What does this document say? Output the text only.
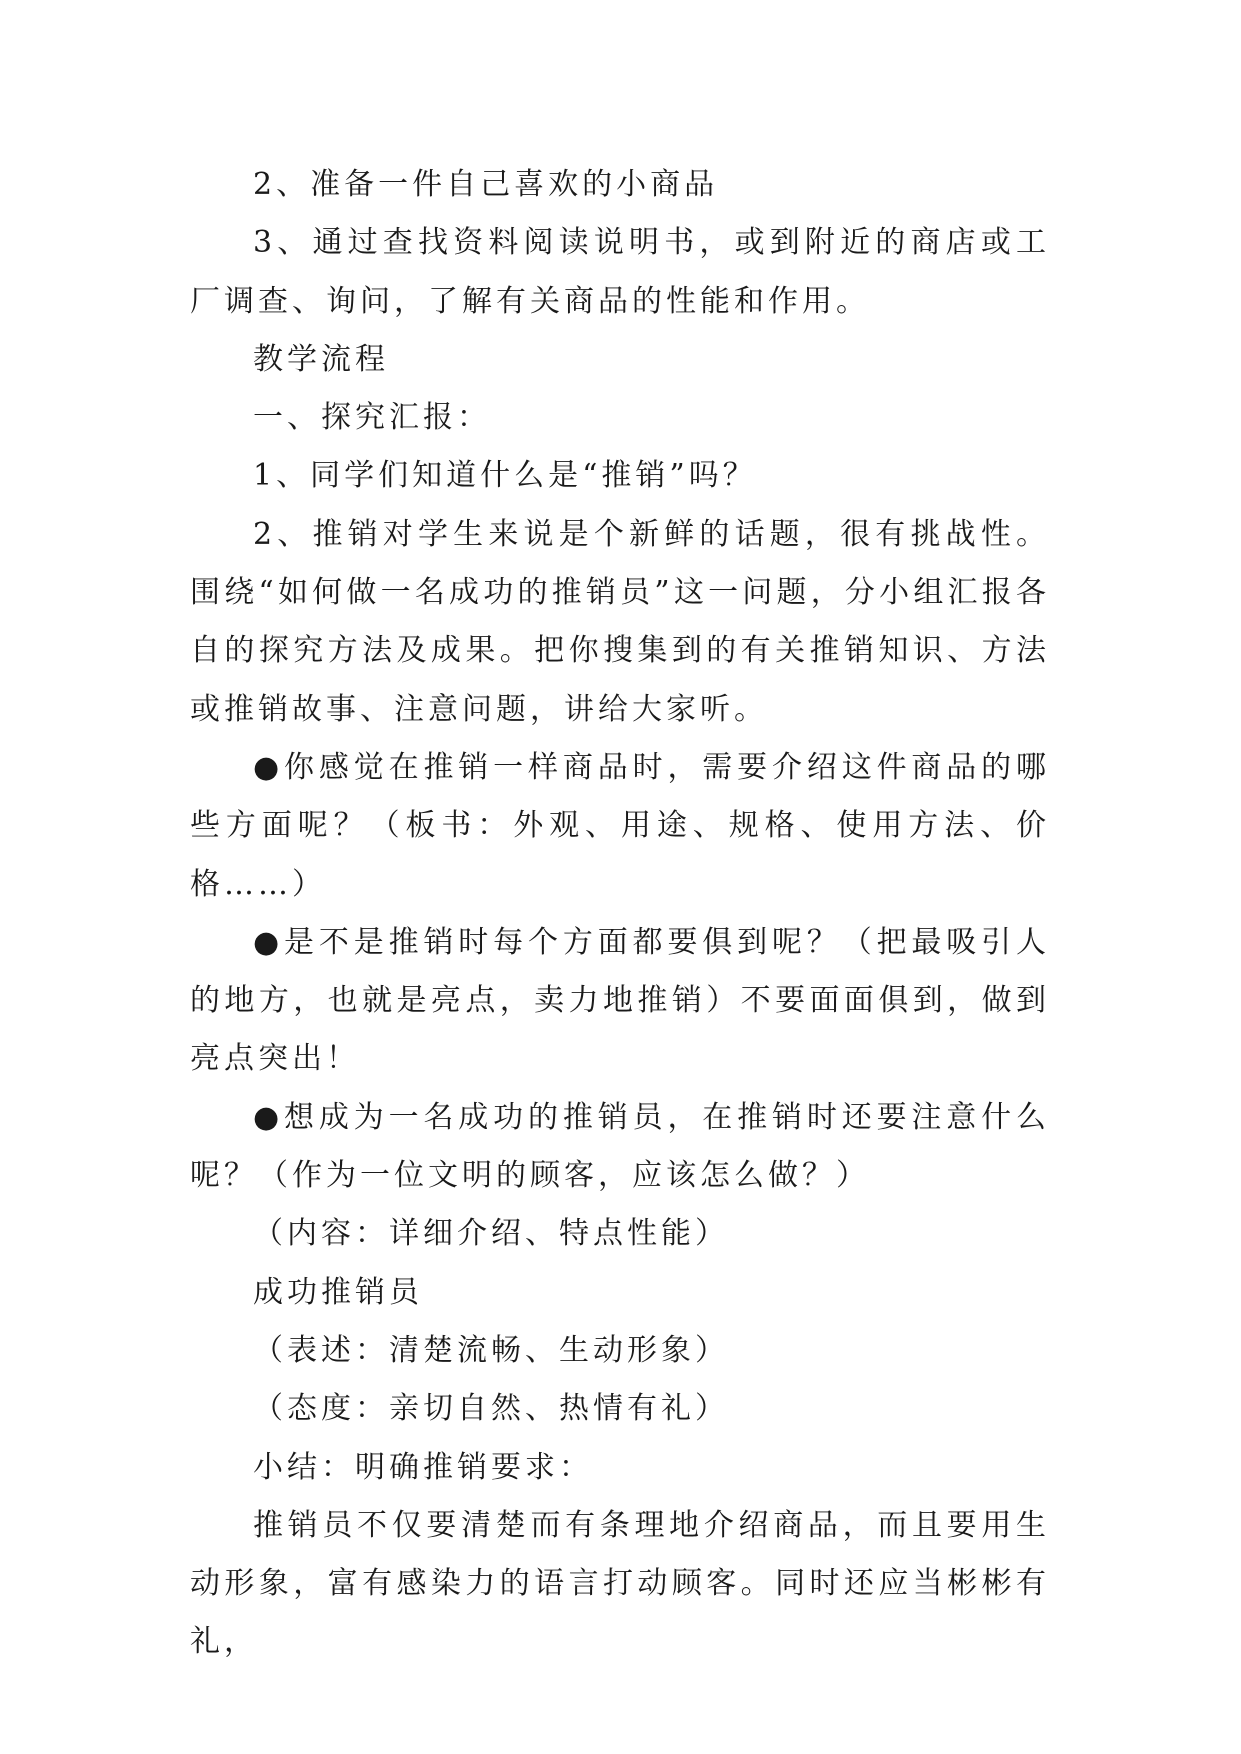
2、准备一件自己喜欢的小商品

3、通过查找资料阅读说明书，或到附近的商店或工厂调查、询问，了解有关商品的性能和作用。

教学流程

一、探究汇报：

1、同学们知道什么是“推销”吗？

2、推销对学生来说是个新鲜的话题，很有挑战性。围绕“如何做一名成功的推销员”这一问题，分小组汇报各自的探究方法及成果。把你搜集到的有关推销知识、方法或推销故事、注意问题，讲给大家听。

●你感觉在推销一样商品时，需要介绍这件商品的哪些方面呢？（板书：外观、用途、规格、使用方法、价格……）

●是不是推销时每个方面都要俱到呢？（把最吸引人的地方，也就是亮点，卖力地推销）不要面面俱到，做到亮点突出！

●想成为一名成功的推销员，在推销时还要注意什么呢？（作为一位文明的顾客，应该怎么做？）

（内容：详细介绍、特点性能）

成功推销员

（表述：清楚流畅、生动形象）

（态度：亲切自然、热情有礼）

小结：明确推销要求：

推销员不仅要清楚而有条理地介绍商品，而且要用生动形象，富有感染力的语言打动顾客。同时还应当彬彬有礼，
